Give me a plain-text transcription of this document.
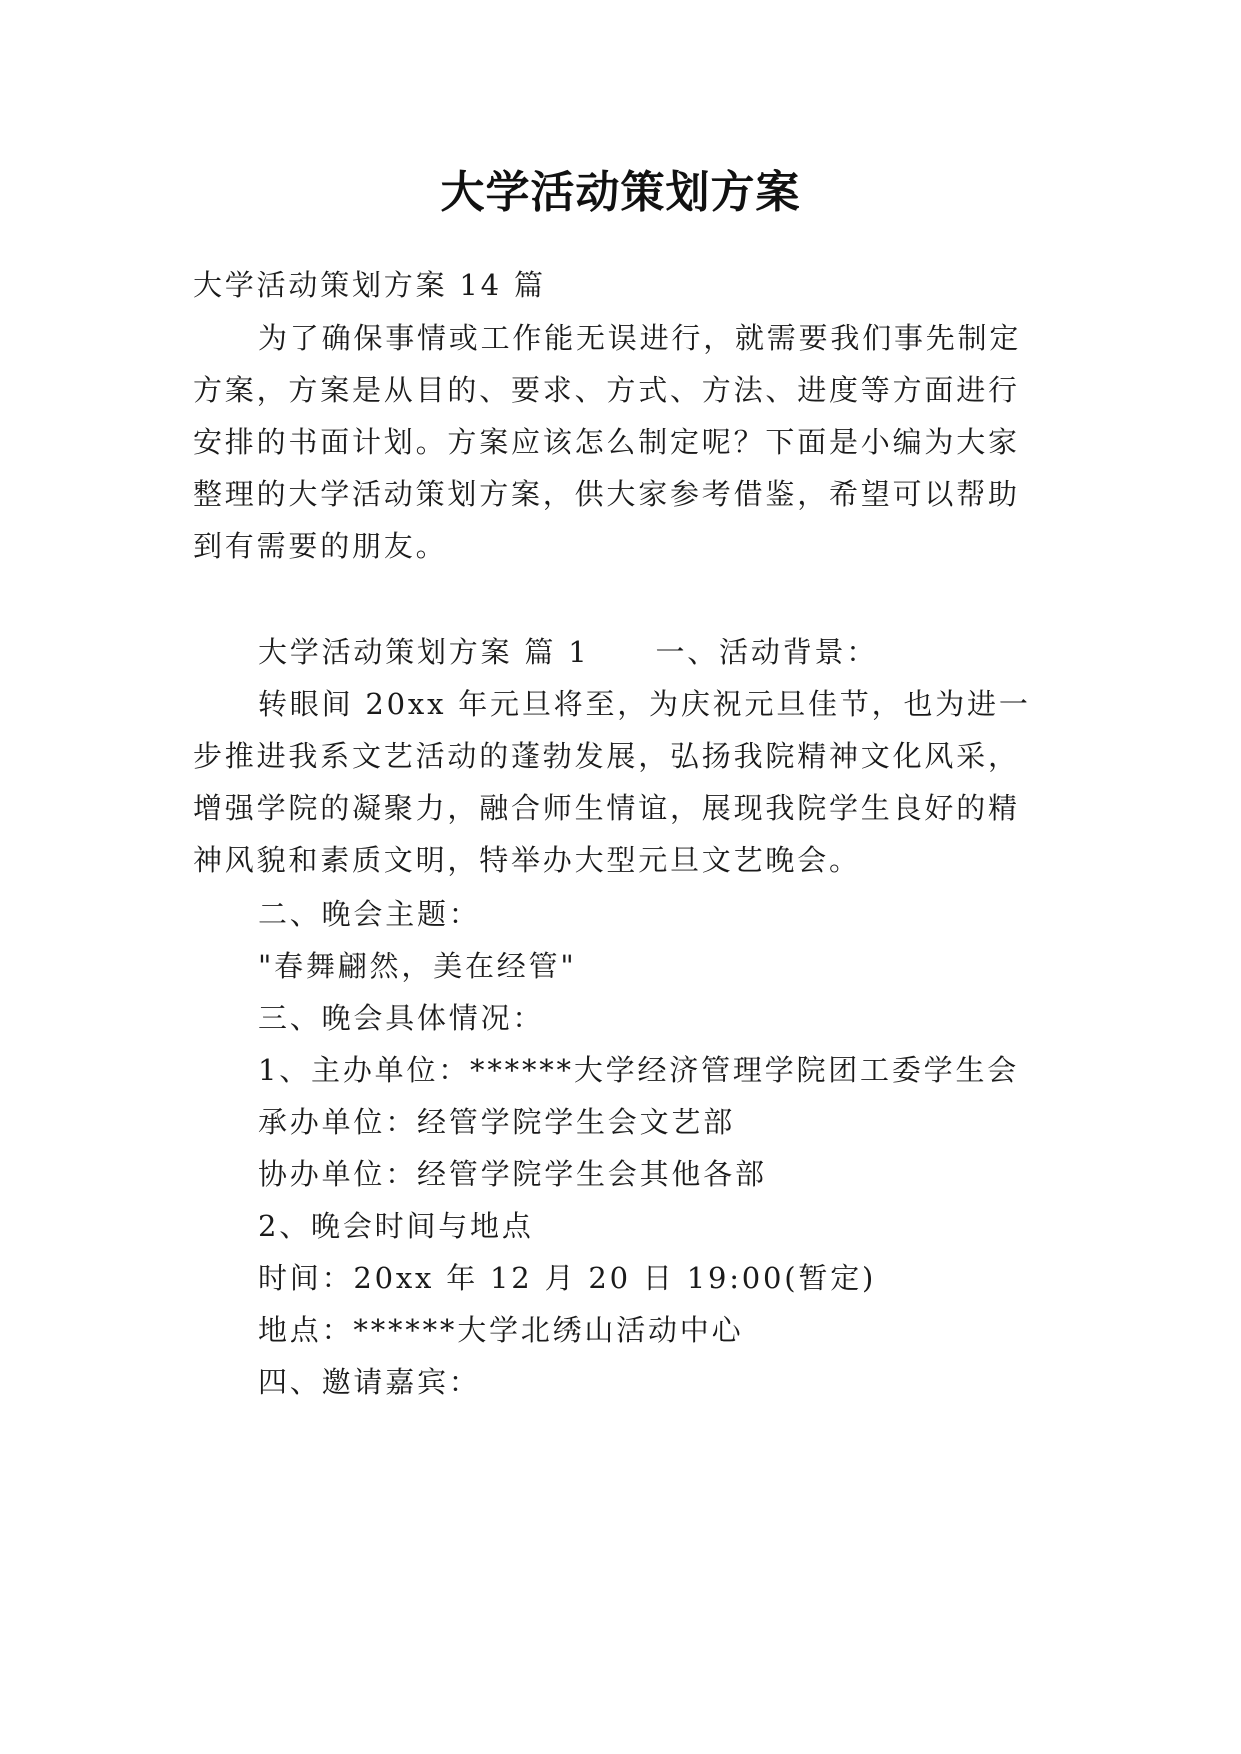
大学活动策划方案
大学活动策划方案 14 篇
为了确保事情或工作能无误进行，就需要我们事先制定
方案，方案是从目的、要求、方式、方法、进度等方面进行
安排的书面计划。方案应该怎么制定呢？下面是小编为大家
整理的大学活动策划方案，供大家参考借鉴，希望可以帮助
到有需要的朋友。
大学活动策划方案 篇 1 一、活动背景：
转眼间 20xx 年元旦将至，为庆祝元旦佳节，也为进一
步推进我系文艺活动的蓬勃发展，弘扬我院精神文化风采，
增强学院的凝聚力，融合师生情谊，展现我院学生良好的精
神风貌和素质文明，特举办大型元旦文艺晚会。
二、晚会主题：
"春舞翩然，美在经管"
三、晚会具体情况：
1、主办单位：******大学经济管理学院团工委学生会
承办单位：经管学院学生会文艺部
协办单位：经管学院学生会其他各部
2、晚会时间与地点
时间：20xx 年 12 月 20 日 19:00(暂定)
地点：******大学北绣山活动中心
四、邀请嘉宾：
